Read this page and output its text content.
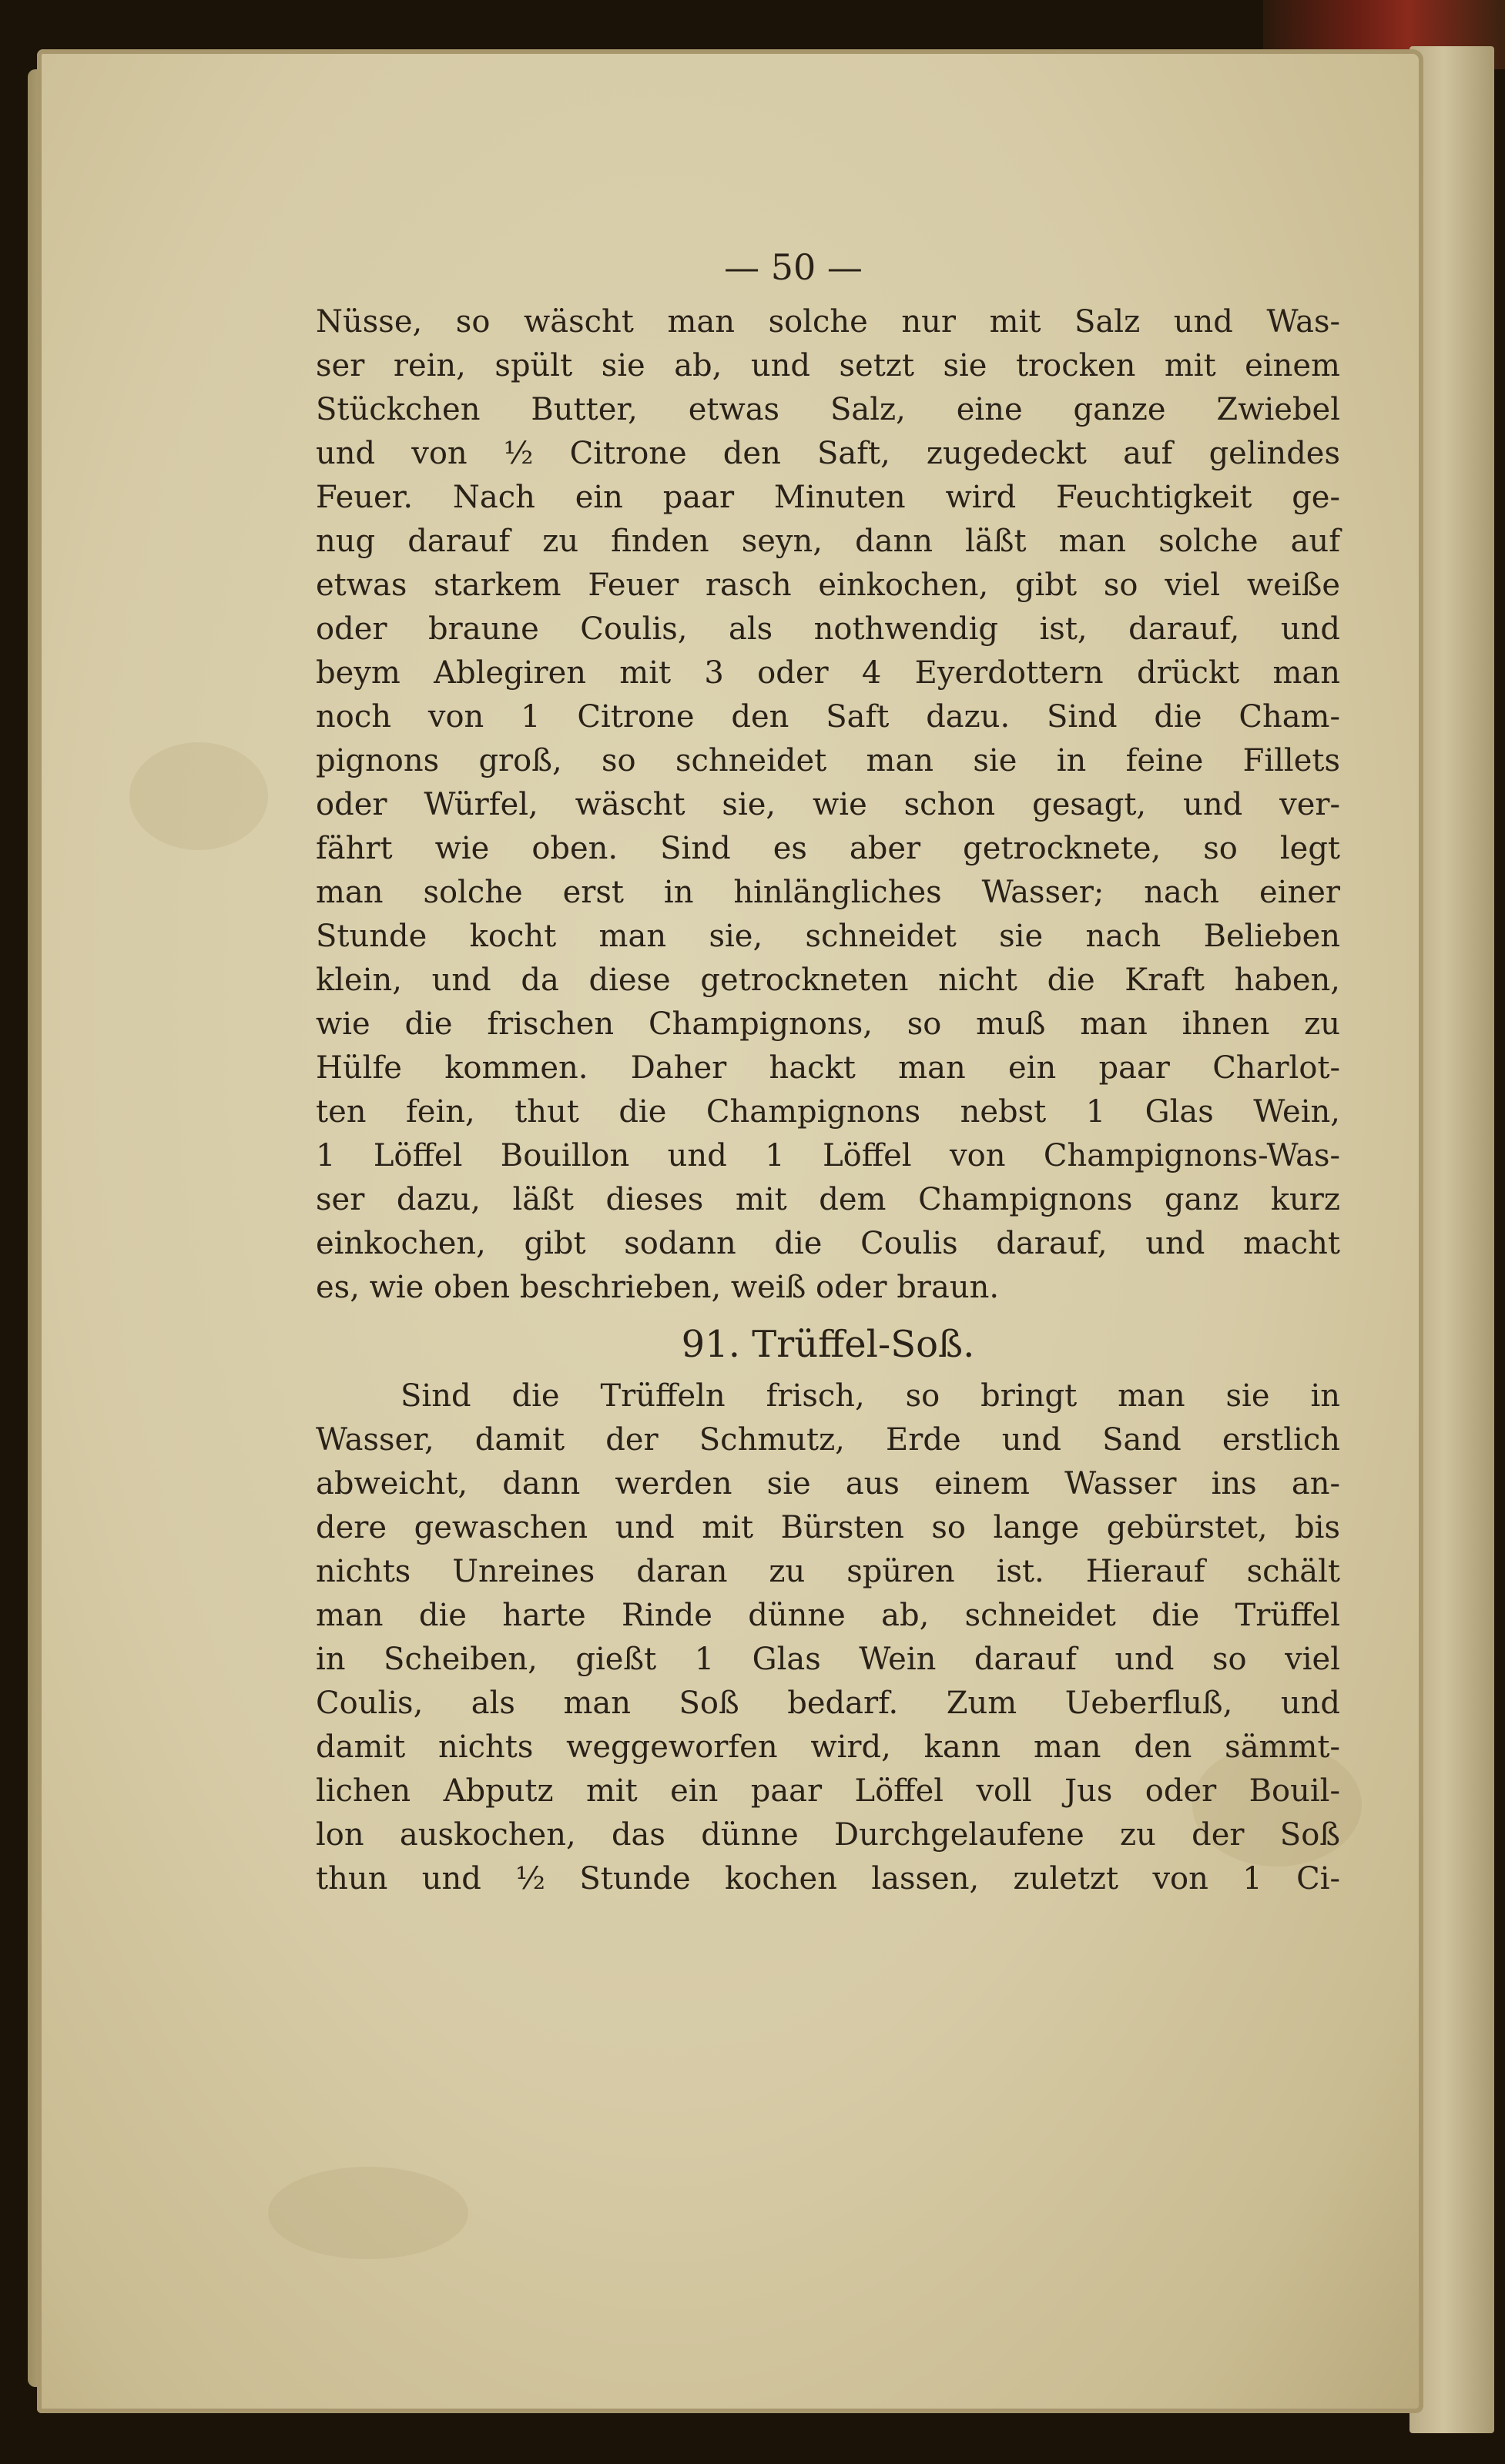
— 50 —
Nüsse, so wäscht man solche nur mit Salz und Was-
ser rein, spült sie ab, und setzt sie trocken mit einem
Stückchen Butter, etwas Salz, eine ganze Zwiebel
und von ½ Citrone den Saft, zugedeckt auf gelindes
Feuer. Nach ein paar Minuten wird Feuchtigkeit ge-
nug darauf zu finden seyn, dann läßt man solche auf
etwas starkem Feuer rasch einkochen, gibt so viel weiße
oder braune Coulis, als nothwendig ist, darauf, und
beym Ablegiren mit 3 oder 4 Eyerdottern drückt man
noch von 1 Citrone den Saft dazu. Sind die Cham-
pignons groß, so schneidet man sie in feine Fillets
oder Würfel, wäscht sie, wie schon gesagt, und ver-
fährt wie oben. Sind es aber getrocknete, so legt
man solche erst in hinlängliches Wasser; nach einer
Stunde kocht man sie, schneidet sie nach Belieben
klein, und da diese getrockneten nicht die Kraft haben,
wie die frischen Champignons, so muß man ihnen zu
Hülfe kommen. Daher hackt man ein paar Charlot-
ten fein, thut die Champignons nebst 1 Glas Wein,
1 Löffel Bouillon und 1 Löffel von Champignons-Was-
ser dazu, läßt dieses mit dem Champignons ganz kurz
einkochen, gibt sodann die Coulis darauf, und macht
es, wie oben beschrieben, weiß oder braun.
91. Trüffel-Soß.
Sind die Trüffeln frisch, so bringt man sie in
Wasser, damit der Schmutz, Erde und Sand erstlich
abweicht, dann werden sie aus einem Wasser ins an-
dere gewaschen und mit Bürsten so lange gebürstet, bis
nichts Unreines daran zu spüren ist. Hierauf schält
man die harte Rinde dünne ab, schneidet die Trüffel
in Scheiben, gießt 1 Glas Wein darauf und so viel
Coulis, als man Soß bedarf. Zum Ueberfluß, und
damit nichts weggeworfen wird, kann man den sämmt-
lichen Abputz mit ein paar Löffel voll Jus oder Bouil-
lon auskochen, das dünne Durchgelaufene zu der Soß
thun und ½ Stunde kochen lassen, zuletzt von 1 Ci-
